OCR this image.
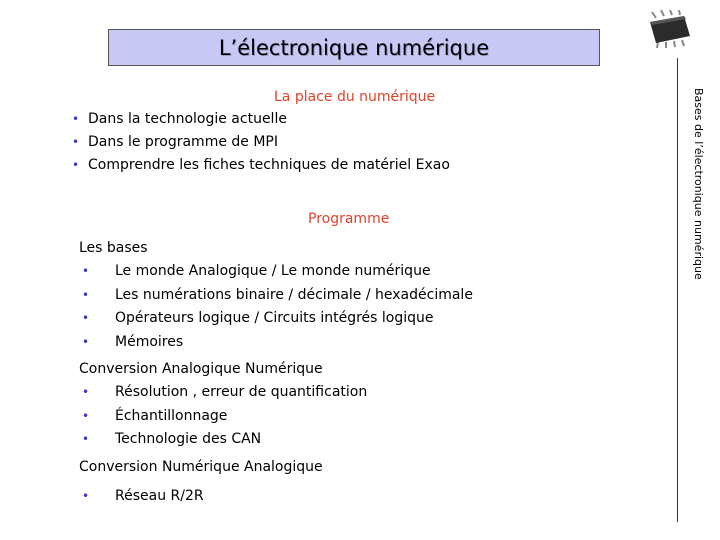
L’électronique numérique
Bases de l’électronique numérique
La place du numérique
• Dans la technologie actuelle
• Dans le programme de MPI
• Comprendre les fiches techniques de matériel Exao
Programme
Les bases
• Le monde Analogique / Le monde numérique
• Les numérations binaire / décimale / hexadécimale
• Opérateurs logique / Circuits intégrés logique
• Mémoires
Conversion Analogique Numérique
• Résolution , erreur de quantification
• Échantillonnage
• Technologie des CAN
Conversion Numérique Analogique
• Réseau R/2R
